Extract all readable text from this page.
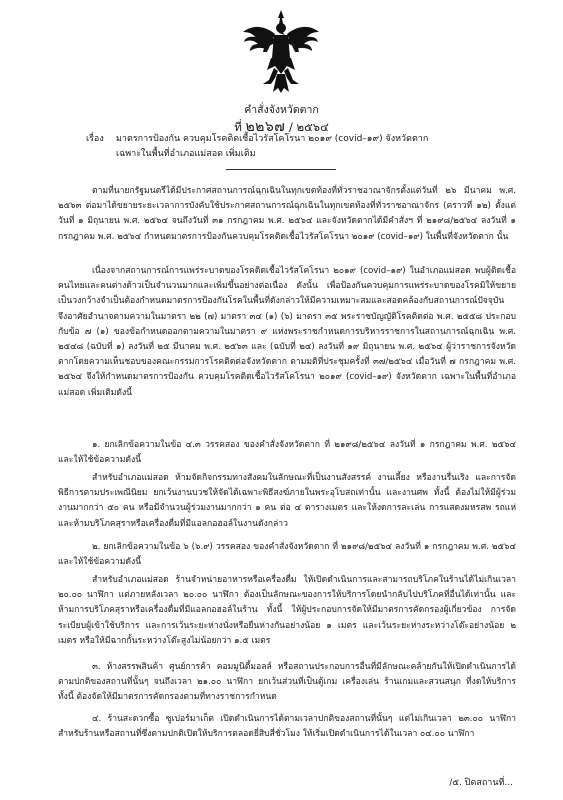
คำสั่งจังหวัดตาก
ที่ ๒๒๖๗ / ๒๕๖๔
เรื่อง มาตรการป้องกัน ควบคุมโรคติดเชื้อไวรัสโคโรนา ๒๐๑๙ (covid–๑๙) จังหวัดตาก
เฉพาะในพื้นที่อำเภอแม่สอด เพิ่มเติม

ตามที่นายกรัฐมนตรีได้มีประกาศสถานการณ์ฉุกเฉินในทุกเขตท้องที่ทั่วราชอาณาจักรตั้งแต่วันที่ ๒๖ มีนาคม พ.ศ. ๒๕๖๓ ต่อมาได้ขยายระยะเวลาการบังคับใช้ประกาศสถานการณ์ฉุกเฉินในทุกเขตท้องที่ทั่วราชอาณาจักร (คราวที่ ๑๒) ตั้งแต่วันที่ ๑ มิถุนายน พ.ศ. ๒๕๖๔ จนถึงวันที่ ๓๑ กรกฎาคม พ.ศ. ๒๕๖๔ และจังหวัดตากได้มีคำสั่งฯ ที่ ๒๑๙๘/๒๕๖๔ ลงวันที่ ๑ กรกฎาคม พ.ศ. ๒๕๖๔ กำหนดมาตรการป้องกันควบคุมโรคติดเชื้อไวรัสโคโรนา ๒๐๑๙ (covid–๑๙) ในพื้นที่จังหวัดตาก นั้น

เนื่องจากสถานการณ์การแพร่ระบาดของโรคติดเชื้อไวรัสโคโรนา ๒๐๑๙ (covid–๑๙) ในอำเภอแม่สอด พบผู้ติดเชื้อคนไทยและคนต่างด้าวเป็นจำนวนมากและเพิ่มขึ้นอย่างต่อเนื่อง ดังนั้น เพื่อป้องกันควบคุมการแพร่ระบาดของโรคมิให้ขยายเป็นวงกว้างจำเป็นต้องกำหนดมาตรการป้องกันโรคในพื้นที่ดังกล่าวให้มีความเหมาะสมและสอดคล้องกับสถานการณ์ปัจจุบัน จึงอาศัยอำนาจตามความในมาตรา ๒๒ (๗) มาตรา ๓๔ (๑) (๖) มาตรา ๓๕ พระราชบัญญัติโรคติดต่อ พ.ศ. ๒๕๕๘ ประกอบกับข้อ ๗ (๑) ของข้อกำหนดออกตามความในมาตรา ๙ แห่งพระราชกำหนดการบริหารราชการในสถานการณ์ฉุกเฉิน พ.ศ. ๒๕๔๘ (ฉบับที่ ๑) ลงวันที่ ๒๕ มีนาคม พ.ศ. ๒๕๖๓ และ (ฉบับที่ ๒๔) ลงวันที่ ๑๙ มิถุนายน พ.ศ. ๒๕๖๔ ผู้ว่าราชการจังหวัดตากโดยความเห็นชอบของคณะกรรมการโรคติดต่อจังหวัดตาก ตามมติที่ประชุมครั้งที่ ๓๗/๒๕๖๔ เมื่อวันที่ ๗ กรกฎาคม พ.ศ. ๒๕๖๔ จึงให้กำหนดมาตรการป้องกัน ควบคุมโรคติดเชื้อไวรัสโคโรนา ๒๐๑๙ (covid–๑๙) จังหวัดตาก เฉพาะในพื้นที่อำเภอแม่สอด เพิ่มเติมดังนี้

๑. ยกเลิกข้อความในข้อ ๔.๓ วรรคสอง ของคำสั่งจังหวัดตาก ที่ ๒๑๙๘/๒๕๖๔ ลงวันที่ ๑ กรกฎาคม พ.ศ. ๒๕๖๔ และให้ใช้ข้อความดังนี้

สำหรับอำเภอแม่สอด ห้ามจัดกิจกรรมทางสังคมในลักษณะที่เป็นงานสังสรรค์ งานเลี้ยง หรืองานรื่นเริง และการจัดพิธีการตามประเพณีนิยม ยกเว้นงานบวชให้จัดได้เฉพาะพิธีสงฆ์ภายในพระอุโบสถเท่านั้น และงานศพ ทั้งนี้ ต้องไม่ให้มีผู้ร่วมงานมากกว่า ๕๐ คน หรือมีจำนวนผู้ร่วมงานมากกว่า ๑ คน ต่อ ๔ ตารางเมตร และให้งดการละเล่น การแสดงมหรสพ รถแห่ และห้ามบริโภคสุราหรือเครื่องดื่มที่มีแอลกอฮอล์ในงานดังกล่าว

๒. ยกเลิกข้อความในข้อ ๖ (๖.๙) วรรคสอง ของคำสั่งจังหวัดตาก ที่ ๒๑๙๘/๒๕๖๔ ลงวันที่ ๑ กรกฎาคม พ.ศ. ๒๕๖๔ และให้ใช้ข้อความดังนี้

สำหรับอำเภอแม่สอด ร้านจำหน่ายอาหารหรือเครื่องดื่ม ให้เปิดดำเนินการและสามารถบริโภคในร้านได้ไม่เกินเวลา ๒๐.๐๐ นาฬิกา แต่ภายหลังเวลา ๒๐.๐๐ นาฬิกา ต้องเป็นลักษณะของการให้บริการโดยนำกลับไปบริโภคที่อื่นได้เท่านั้น และห้ามการบริโภคสุราหรือเครื่องดื่มที่มีแอลกอฮอล์ในร้าน ทั้งนี้ ให้ผู้ประกอบการจัดให้มีมาตรการคัดกรองผู้เกี่ยวข้อง การจัดระเบียบผู้เข้าใช้บริการ และการเว้นระยะห่างนั่งหรือยืนห่างกันอย่างน้อย ๑ เมตร และเว้นระยะห่างระหว่างโต๊ะอย่างน้อย ๒ เมตร หรือให้มีฉากกั้นระหว่างโต๊ะสูงไม่น้อยกว่า ๑.๕ เมตร

๓. ห้างสรรพสินค้า ศูนย์การค้า คอมมูนิตี้มอลล์ หรือสถานประกอบการอื่นที่มีลักษณะคล้ายกันให้เปิดดำเนินการได้ตามปกติของสถานที่นั้นๆ จนถึงเวลา ๒๑.๐๐ นาฬิกา ยกเว้นส่วนที่เป็นตู้เกม เครื่องเล่น ร้านเกมและสวนสนุก ที่งดให้บริการ ทั้งนี้ ต้องจัดให้มีมาตรการคัดกรองตามที่ทางราชการกำหนด

๔. ร้านสะดวกซื้อ ซูเปอร์มาเก็ต เปิดดำเนินการได้ตามเวลาปกติของสถานที่นั้นๆ แต่ไม่เกินเวลา ๒๓.๐๐ นาฬิกา สำหรับร้านหรือสถานที่ซึ่งตามปกติเปิดให้บริการตลอดยี่สิบสี่ชั่วโมง ให้เริ่มเปิดดำเนินการได้ในเวลา ๐๔.๐๐ นาฬิกา

/๕. ปิดสถานที่...
